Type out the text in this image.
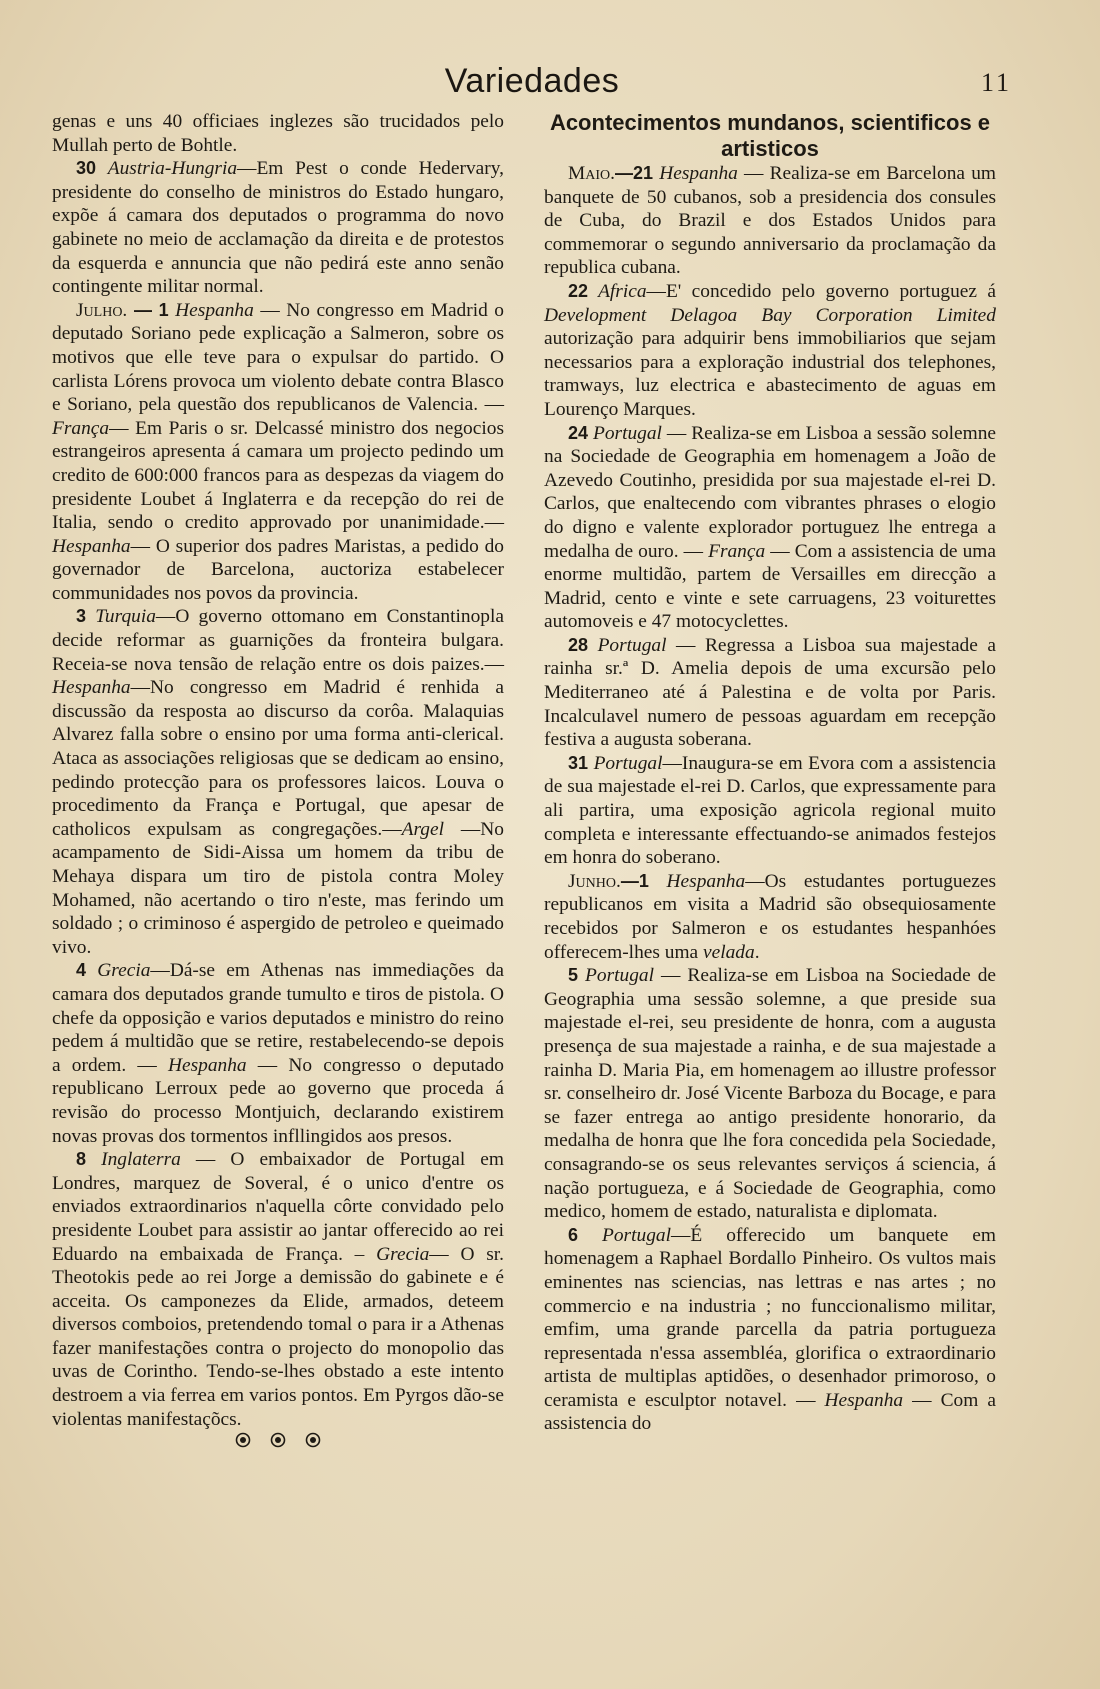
Variedades	11

genas e uns 40 officiaes inglezes são trucidados pelo Mullah perto de Bohtle.

30 Austria-Hungria—Em Pest o conde Hedervary, presidente do conselho de ministros do Estado hungaro, expõe á camara dos deputados o programma do novo gabinete no meio de acclamação da direita e de protestos da esquerda e annuncia que não pedirá este anno senão contingente militar normal.

Julho. — 1 Hespanha — No congresso em Madrid o deputado Soriano pede explicação a Salmeron, sobre os motivos que elle teve para o expulsar do partido. O carlista Lórens provoca um violento debate contra Blasco e Soriano, pela questão dos republicanos de Valencia. —França— Em Paris o sr. Delcassé ministro dos negocios estrangeiros apresenta á camara um projecto pedindo um credito de 600:000 francos para as despezas da viagem do presidente Loubet á Inglaterra e da recepção do rei de Italia, sendo o credito approvado por unanimidade.—Hespanha— O superior dos padres Maristas, a pedido do governador de Barcelona, auctoriza estabelecer communidades nos povos da provincia.

3 Turquia—O governo ottomano em Constantinopla decide reformar as guarnições da fronteira bulgara. Receia-se nova tensão de relação entre os dois paizes.—Hespanha—No congresso em Madrid é renhida a discussão da resposta ao discurso da corôa. Malaquias Alvarez falla sobre o ensino por uma forma anti-clerical. Ataca as associações religiosas que se dedicam ao ensino, pedindo protecção para os professores laicos. Louva o procedimento da França e Portugal, que apesar de catholicos expulsam as congregações.—Argel —No acampamento de Sidi-Aissa um homem da tribu de Mehaya dispara um tiro de pistola contra Moley Mohamed, não acertando o tiro n'este, mas ferindo um soldado ; o criminoso é aspergido de petroleo e queimado vivo.

4 Grecia—Dá-se em Athenas nas immediações da camara dos deputados grande tumulto e tiros de pistola. O chefe da opposição e varios deputados e ministro do reino pedem á multidão que se retire, restabelecendo-se depois a ordem. — Hespanha — No congresso o deputado republicano Lerroux pede ao governo que proceda á revisão do processo Montjuich, declarando existirem novas provas dos tormentos infllingidos aos presos.

8 Inglaterra — O embaixador de Portugal em Londres, marquez de Soveral, é o unico d'entre os enviados extraordinarios n'aquella côrte convidado pelo presidente Loubet para assistir ao jantar offerecido ao rei Eduardo na embaixada de França. – Grecia— O sr. Theotokis pede ao rei Jorge a demissão do gabinete e é acceita. Os camponezes da Elide, armados, deteem diversos comboios, pretendendo tomal o para ir a Athenas fazer manifestações contra o projecto do monopolio das uvas de Corintho. Tendo-se-lhes obstado a este intento destroem a via ferrea em varios pontos. Em Pyrgos dão-se violentas manifestaçõcs.

Acontecimentos mundanos, scientificos e artisticos

Maio.—21 Hespanha — Realiza-se em Barcelona um banquete de 50 cubanos, sob a presidencia dos consules de Cuba, do Brazil e dos Estados Unidos para commemorar o segundo anniversario da proclamação da republica cubana.

22 Africa—E' concedido pelo governo portuguez á Development Delagoa Bay Corporation Limited autorização para adquirir bens immobiliarios que sejam necessarios para a exploração industrial dos telephones, tramways, luz electrica e abastecimento de aguas em Lourenço Marques.

24 Portugal — Realiza-se em Lisboa a sessão solemne na Sociedade de Geographia em homenagem a João de Azevedo Coutinho, presidida por sua majestade el-rei D. Carlos, que enaltecendo com vibrantes phrases o elogio do digno e valente explorador portuguez lhe entrega a medalha de ouro. — França — Com a assistencia de uma enorme multidão, partem de Versailles em direcção a Madrid, cento e vinte e sete carruagens, 23 voiturettes automoveis e 47 motocyclettes.

28 Portugal — Regressa a Lisboa sua majestade a rainha sr.ª D. Amelia depois de uma excursão pelo Mediterraneo até á Palestina e de volta por Paris. Incalculavel numero de pessoas aguardam em recepção festiva a augusta soberana.

31 Portugal—Inaugura-se em Evora com a assistencia de sua majestade el-rei D. Carlos, que expressamente para ali partira, uma exposição agricola regional muito completa e interessante effectuando-se animados festejos em honra do soberano.

Junho.—1 Hespanha—Os estudantes portuguezes republicanos em visita a Madrid são obsequiosamente recebidos por Salmeron e os estudantes hespanhóes offerecem-lhes uma velada.

5 Portugal — Realiza-se em Lisboa na Sociedade de Geographia uma sessão solemne, a que preside sua majestade el-rei, seu presidente de honra, com a augusta presença de sua majestade a rainha, e de sua majestade a rainha D. Maria Pia, em homenagem ao illustre professor sr. conselheiro dr. José Vicente Barboza du Bocage, e para se fazer entrega ao antigo presidente honorario, da medalha de honra que lhe fora concedida pela Sociedade, consagrando-se os seus relevantes serviços á sciencia, á nação portugueza, e á Sociedade de Geographia, como medico, homem de estado, naturalista e diplomata.

6 Portugal—É offerecido um banquete em homenagem a Raphael Bordallo Pinheiro. Os vultos mais eminentes nas sciencias, nas lettras e nas artes ; no commercio e na industria ; no funccionalismo militar, emfim, uma grande parcella da patria portugueza representada n'essa assembléa, glorifica o extraordinario artista de multiplas aptidões, o desenhador primoroso, o ceramista e esculptor notavel. — Hespanha — Com a assistencia do
